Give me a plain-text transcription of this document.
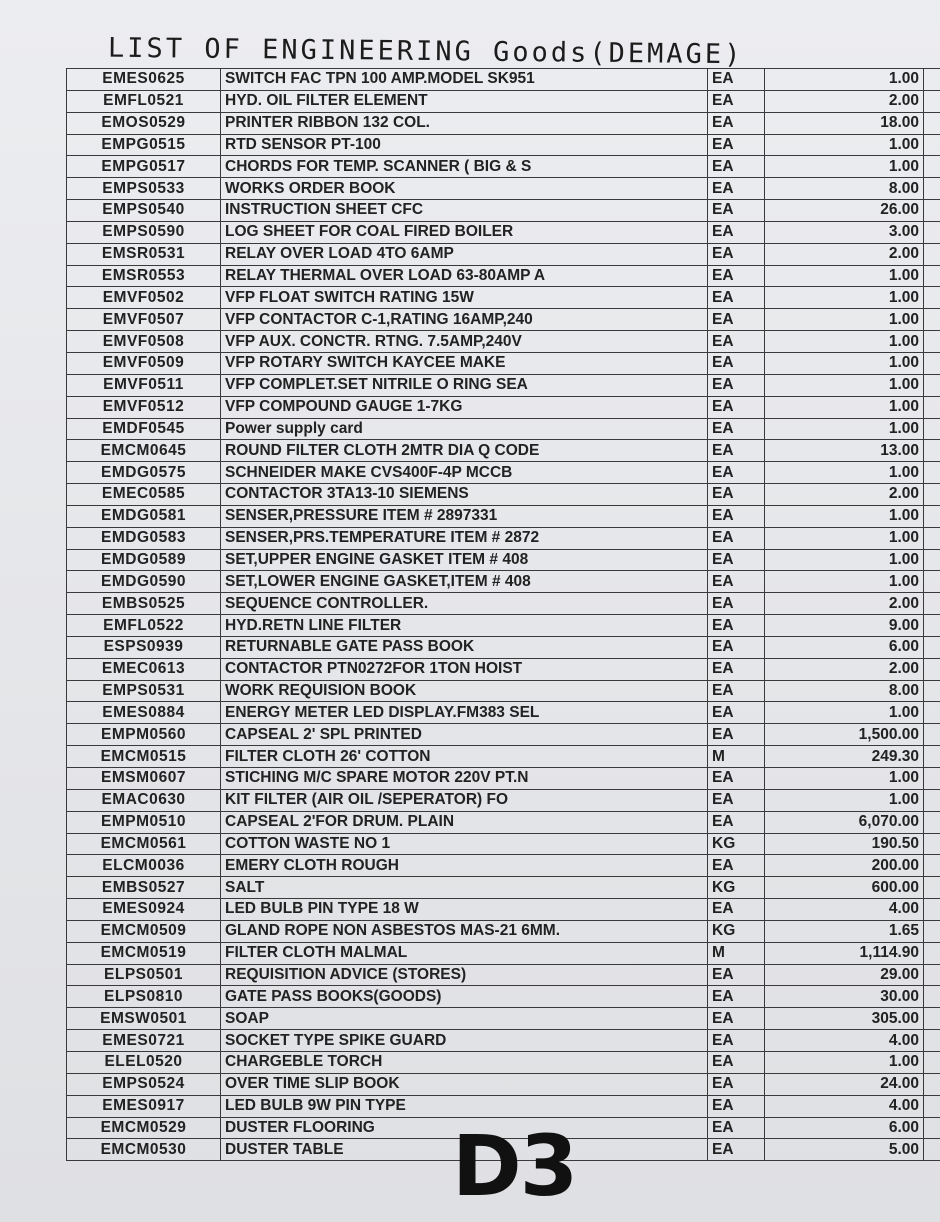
LIST OF ENGINEERING Goods(DEMAGE)
EMES0625	SWITCH FAC TPN 100 AMP.MODEL SK951	EA	1.00	
EMFL0521	HYD. OIL FILTER ELEMENT	EA	2.00	
EMOS0529	PRINTER RIBBON 132 COL.	EA	18.00	
EMPG0515	RTD SENSOR PT-100	EA	1.00	
EMPG0517	CHORDS FOR TEMP. SCANNER ( BIG & S	EA	1.00	
EMPS0533	WORKS ORDER BOOK	EA	8.00	
EMPS0540	INSTRUCTION SHEET CFC	EA	26.00	
EMPS0590	LOG SHEET FOR COAL FIRED BOILER	EA	3.00	
EMSR0531	RELAY OVER LOAD 4TO 6AMP	EA	2.00	
EMSR0553	RELAY THERMAL OVER LOAD 63-80AMP A	EA	1.00	
EMVF0502	VFP FLOAT SWITCH RATING 15W	EA	1.00	
EMVF0507	VFP CONTACTOR C-1,RATING 16AMP,240	EA	1.00	
EMVF0508	VFP AUX. CONCTR. RTNG. 7.5AMP,240V	EA	1.00	
EMVF0509	VFP ROTARY SWITCH KAYCEE MAKE	EA	1.00	
EMVF0511	VFP COMPLET.SET NITRILE O RING SEA	EA	1.00	
EMVF0512	VFP COMPOUND GAUGE 1-7KG	EA	1.00	
EMDF0545	Power supply card	EA	1.00	
EMCM0645	ROUND FILTER CLOTH 2MTR DIA Q CODE	EA	13.00	
EMDG0575	SCHNEIDER MAKE CVS400F-4P MCCB	EA	1.00	
EMEC0585	CONTACTOR 3TA13-10 SIEMENS	EA	2.00	
EMDG0581	SENSER,PRESSURE ITEM # 2897331	EA	1.00	
EMDG0583	SENSER,PRS.TEMPERATURE ITEM # 2872	EA	1.00	
EMDG0589	SET,UPPER ENGINE GASKET ITEM # 408	EA	1.00	
EMDG0590	SET,LOWER ENGINE GASKET,ITEM # 408	EA	1.00	
EMBS0525	SEQUENCE CONTROLLER.	EA	2.00	
EMFL0522	HYD.RETN LINE FILTER	EA	9.00	
ESPS0939	RETURNABLE GATE PASS BOOK	EA	6.00	
EMEC0613	CONTACTOR PTN0272FOR 1TON HOIST	EA	2.00	
EMPS0531	WORK REQUISION BOOK	EA	8.00	
EMES0884	ENERGY METER LED DISPLAY.FM383 SEL	EA	1.00	
EMPM0560	CAPSEAL 2' SPL PRINTED	EA	1,500.00	
EMCM0515	FILTER CLOTH 26' COTTON	M	249.30	
EMSM0607	STICHING M/C SPARE MOTOR 220V PT.N	EA	1.00	
EMAC0630	KIT FILTER (AIR OIL /SEPERATOR) FO	EA	1.00	
EMPM0510	CAPSEAL 2'FOR DRUM. PLAIN	EA	6,070.00	
EMCM0561	COTTON WASTE NO 1	KG	190.50	
ELCM0036	EMERY CLOTH ROUGH	EA	200.00	
EMBS0527	SALT	KG	600.00	
EMES0924	LED BULB PIN TYPE 18 W	EA	4.00	
EMCM0509	GLAND ROPE NON ASBESTOS MAS-21 6MM.	KG	1.65	
EMCM0519	FILTER CLOTH MALMAL	M	1,114.90	
ELPS0501	REQUISITION ADVICE (STORES)	EA	29.00	
ELPS0810	GATE PASS BOOKS(GOODS)	EA	30.00	
EMSW0501	SOAP	EA	305.00	
EMES0721	SOCKET TYPE SPIKE GUARD	EA	4.00	
ELEL0520	CHARGEBLE TORCH	EA	1.00	
EMPS0524	OVER TIME SLIP BOOK	EA	24.00	
EMES0917	LED BULB 9W PIN TYPE	EA	4.00	
EMCM0529	DUSTER FLOORING	EA	6.00	
EMCM0530	DUSTER TABLE	EA	5.00	
D3
